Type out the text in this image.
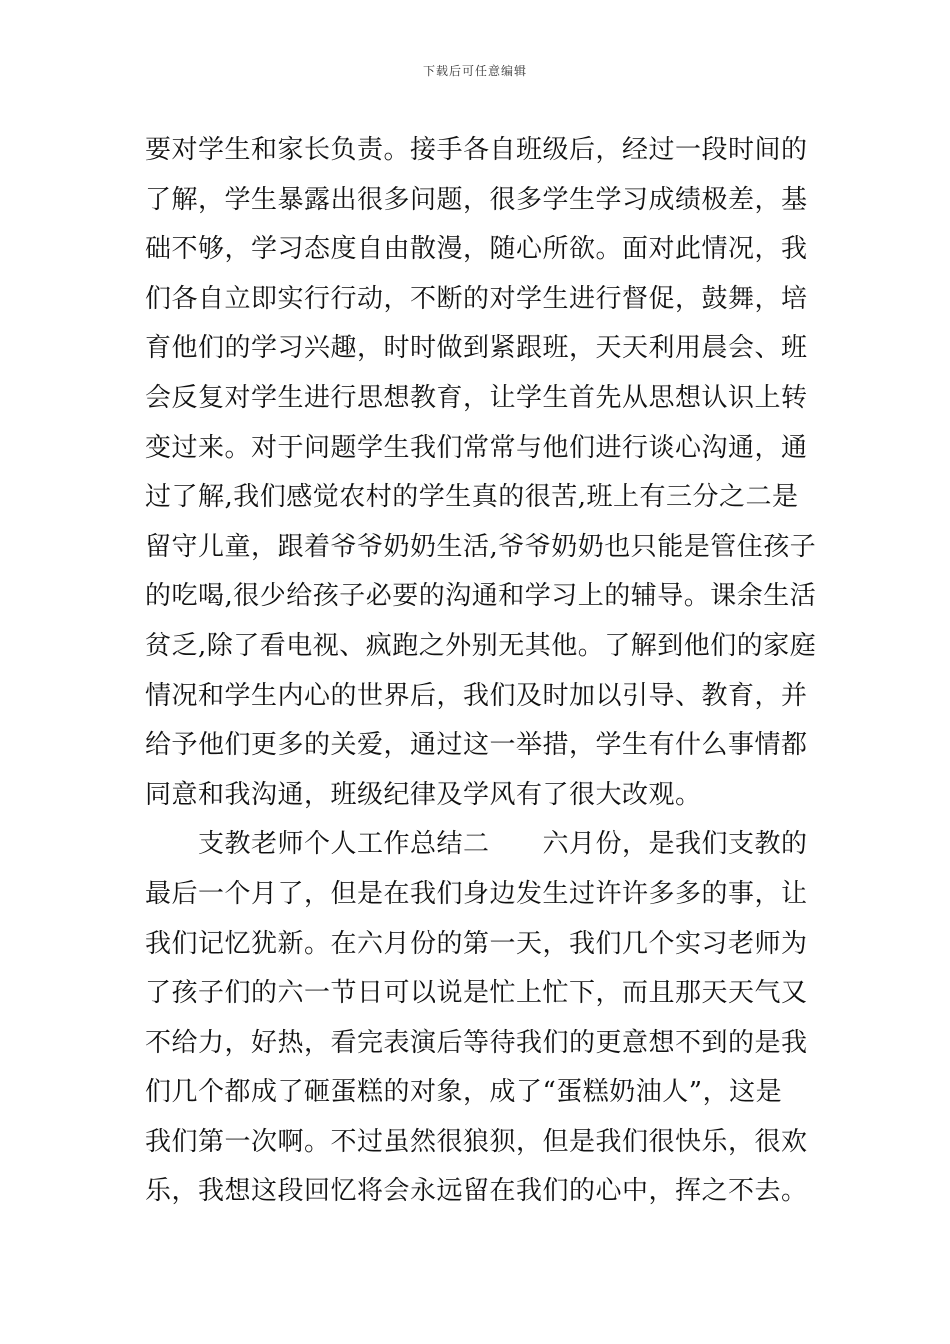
下载后可任意编辑
要对学生和家长负责。接手各自班级后，经过一段时间的
了解，学生暴露出很多问题，很多学生学习成绩极差，基
础不够，学习态度自由散漫，随心所欲。面对此情况，我
们各自立即实行行动，不断的对学生进行督促，鼓舞，培
育他们的学习兴趣，时时做到紧跟班，天天利用晨会、班
会反复对学生进行思想教育，让学生首先从思想认识上转
变过来。对于问题学生我们常常与他们进行谈心沟通，通
过了解,我们感觉农村的学生真的很苦,班上有三分之二是
留守儿童，跟着爷爷奶奶生活,爷爷奶奶也只能是管住孩子
的吃喝,很少给孩子必要的沟通和学习上的辅导。课余生活
贫乏,除了看电视、疯跑之外别无其他。了解到他们的家庭
情况和学生内心的世界后，我们及时加以引导、教育，并
给予他们更多的关爱，通过这一举措，学生有什么事情都
同意和我沟通，班级纪律及学风有了很大改观。
　　支教老师个人工作总结二　　六月份，是我们支教的
最后一个月了，但是在我们身边发生过许许多多的事，让
我们记忆犹新。在六月份的第一天，我们几个实习老师为
了孩子们的六一节日可以说是忙上忙下，而且那天天气又
不给力，好热，看完表演后等待我们的更意想不到的是我
们几个都成了砸蛋糕的对象，成了“蛋糕奶油人”，这是
我们第一次啊。不过虽然很狼狈，但是我们很快乐，很欢
乐，我想这段回忆将会永远留在我们的心中，挥之不去。
